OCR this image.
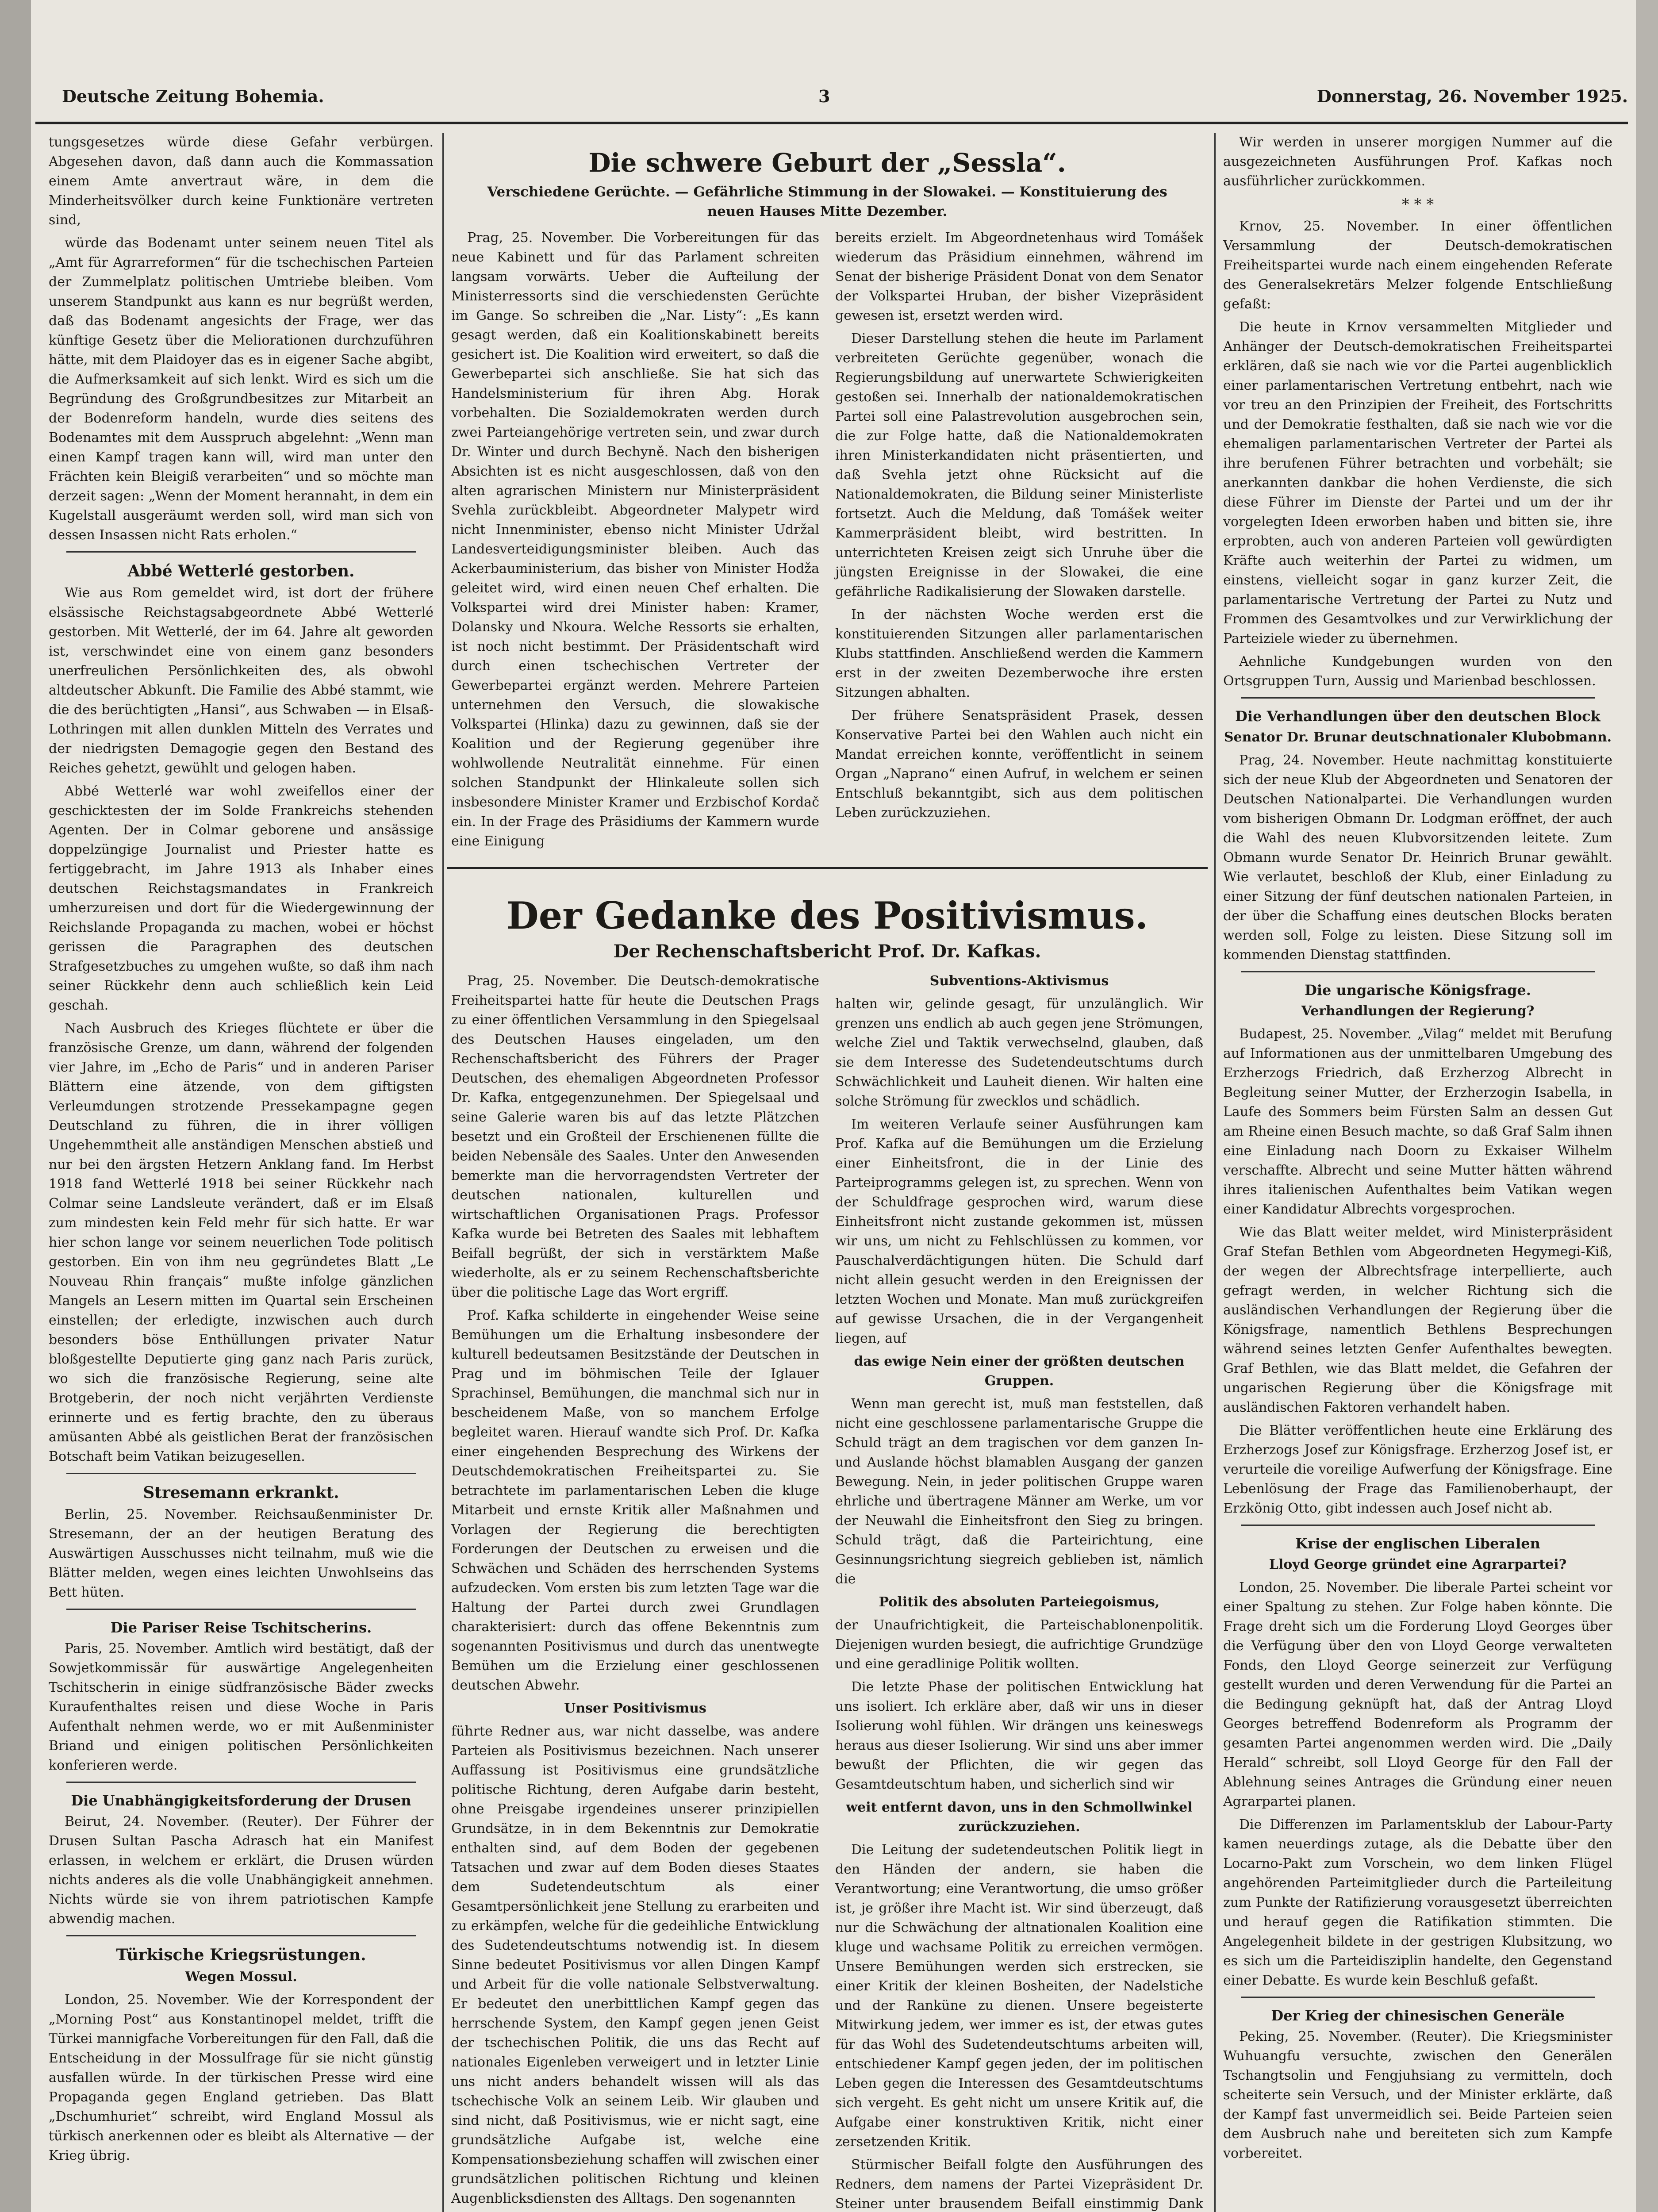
Deutsche Zeitung Bohemia.	3	Donnerstag, 26. November 1925.

tungsgesetzes würde diese Gefahr verbürgen. Abgesehen davon, daß dann auch die Kommassation einem Amte anvertraut wäre, in dem die Minderheitsvölker durch keine Funktionäre vertreten sind,

würde das Bodenamt unter seinem neuen Titel als „Amt für Agrarreformen“ für die tschechischen Parteien der Zummelplatz politischen Umtriebe bleiben. Vom unserem Standpunkt aus kann es nur begrüßt werden, daß das Bodenamt angesichts der Frage, wer das künftige Gesetz über die Meliorationen durchzuführen hätte, mit dem Plaidoyer das es in eigener Sache abgibt, die Aufmerksamkeit auf sich lenkt. Wird es sich um die Begründung des Großgrundbesitzes zur Mitarbeit an der Bodenreform handeln, wurde dies seitens des Bodenamtes mit dem Ausspruch abgelehnt: „Wenn man einen Kampf tragen kann will, wird man unter den Frächten kein Bleigiß verarbeiten“ und so möchte man derzeit sagen: „Wenn der Moment herannaht, in dem ein Kugelstall ausgeräumt werden soll, wird man sich von dessen Insassen nicht Rats erholen.“

Abbé Wetterlé gestorben.

Wie aus Rom gemeldet wird, ist dort der frühere elsässische Reichstagsabgeordnete Abbé Wetterlé gestorben. Mit Wetterlé, der im 64. Jahre alt geworden ist, verschwindet eine von einem ganz besonders unerfreulichen Persönlichkeiten des, als obwohl altdeutscher Abkunft. Die Familie des Abbé stammt, wie die des berüchtigten „Hansi“, aus Schwaben — in Elsaß-Lothringen mit allen dunklen Mitteln des Verrates und der niedrigsten Demagogie gegen den Bestand des Reiches gehetzt, gewühlt und gelogen haben.

Abbé Wetterlé war wohl zweifellos einer der geschicktesten der im Solde Frankreichs stehenden Agenten. Der in Colmar geborene und ansässige doppelzüngige Journalist und Priester hatte es fertiggebracht, im Jahre 1913 als Inhaber eines deutschen Reichstagsmandates in Frankreich umherzureisen und dort für die Wiedergewinnung der Reichslande Propaganda zu machen, wobei er höchst gerissen die Paragraphen des deutschen Strafgesetzbuches zu umgehen wußte, so daß ihm nach seiner Rückkehr denn auch schließlich kein Leid geschah.

Nach Ausbruch des Krieges flüchtete er über die französische Grenze, um dann, während der folgenden vier Jahre, im „Echo de Paris“ und in anderen Pariser Blättern eine ätzende, von dem giftigsten Verleumdungen strotzende Pressekampagne gegen Deutschland zu führen, die in ihrer völligen Ungehemmtheit alle anständigen Menschen abstieß und nur bei den ärgsten Hetzern Anklang fand. Im Herbst 1918 fand Wetterlé 1918 bei seiner Rückkehr nach Colmar seine Landsleute verändert, daß er im Elsaß zum mindesten kein Feld mehr für sich hatte. Er war hier schon lange vor seinem neuerlichen Tode politisch gestorben. Ein von ihm neu gegründetes Blatt „Le Nouveau Rhin français“ mußte infolge gänzlichen Mangels an Lesern mitten im Quartal sein Erscheinen einstellen; der erledigte, inzwischen auch durch besonders böse Enthüllungen privater Natur bloßgestellte Deputierte ging ganz nach Paris zurück, wo sich die französische Regierung, seine alte Brotgeberin, der noch nicht verjährten Verdienste erinnerte und es fertig brachte, den zu überaus amüsanten Abbé als geistlichen Berat der französischen Botschaft beim Vatikan beizugesellen.

Stresemann erkrankt.

Berlin, 25. November. Reichsaußenminister Dr. Stresemann, der an der heutigen Beratung des Auswärtigen Ausschusses nicht teilnahm, muß wie die Blätter melden, wegen eines leichten Unwohlseins das Bett hüten.

Die Pariser Reise Tschitscherins.

Paris, 25. November. Amtlich wird bestätigt, daß der Sowjetkommissär für auswärtige Angelegenheiten Tschitscherin in einige südfranzösische Bäder zwecks Kuraufenthaltes reisen und diese Woche in Paris Aufenthalt nehmen werde, wo er mit Außenminister Briand und einigen politischen Persönlichkeiten konferieren werde.

Die Unabhängigkeitsforderung der Drusen

Beirut, 24. November. (Reuter). Der Führer der Drusen Sultan Pascha Adrasch hat ein Manifest erlassen, in welchem er erklärt, die Drusen würden nichts anderes als die volle Unabhängigkeit annehmen. Nichts würde sie von ihrem patriotischen Kampfe abwendig machen.

Türkische Kriegsrüstungen.
Wegen Mossul.

London, 25. November. Wie der Korrespondent der „Morning Post“ aus Konstantinopel meldet, trifft die Türkei mannigfache Vorbereitungen für den Fall, daß die Entscheidung in der Mossulfrage für sie nicht günstig ausfallen würde. In der türkischen Presse wird eine Propaganda gegen England getrieben. Das Blatt „Dschumhuriet“ schreibt, wird England Mossul als türkisch anerkennen oder es bleibt als Alternative — der Krieg übrig.

Die schwere Geburt der „Sessla“.
Verschiedene Gerüchte. — Gefährliche Stimmung in der Slowakei. — Konstituierung des neuen Hauses Mitte Dezember.

Prag, 25. November. Die Vorbereitungen für das neue Kabinett und für das Parlament schreiten langsam vorwärts. Ueber die Aufteilung der Ministerressorts sind die verschiedensten Gerüchte im Gange. So schreiben die „Nar. Listy“: „Es kann gesagt werden, daß ein Koalitionskabinett bereits gesichert ist. Die Koalition wird erweitert, so daß die Gewerbepartei sich anschließe. Sie hat sich das Handelsministerium für ihren Abg. Horak vorbehalten. Die Sozialdemokraten werden durch zwei Parteiangehörige vertreten sein, und zwar durch Dr. Winter und durch Bechyně. Nach den bisherigen Absichten ist es nicht ausgeschlossen, daß von den alten agrarischen Ministern nur Ministerpräsident Svehla zurückbleibt. Abgeordneter Malypetr wird nicht Innenminister, ebenso nicht Minister Udržal Landesverteidigungsminister bleiben. Auch das Ackerbauministerium, das bisher von Minister Hodža geleitet wird, wird einen neuen Chef erhalten. Die Volkspartei wird drei Minister haben: Kramer, Dolansky und Nkoura. Welche Ressorts sie erhalten, ist noch nicht bestimmt. Der Präsidentschaft wird durch einen tschechischen Vertreter der Gewerbepartei ergänzt werden. Mehrere Parteien unternehmen den Versuch, die slowakische Volkspartei (Hlinka) dazu zu gewinnen, daß sie der Koalition und der Regierung gegenüber ihre wohlwollende Neutralität einnehme. Für einen solchen Standpunkt der Hlinkaleute sollen sich insbesondere Minister Kramer und Erzbischof Kordač ein. In der Frage des Präsidiums der Kammern wurde eine Einigung

bereits erzielt. Im Abgeordnetenhaus wird Tomášek wiederum das Präsidium einnehmen, während im Senat der bisherige Präsident Donat von dem Senator der Volkspartei Hruban, der bisher Vizepräsident gewesen ist, ersetzt werden wird.

Dieser Darstellung stehen die heute im Parlament verbreiteten Gerüchte gegenüber, wonach die Regierungsbildung auf unerwartete Schwierigkeiten gestoßen sei. Innerhalb der nationaldemokratischen Partei soll eine Palastrevolution ausgebrochen sein, die zur Folge hatte, daß die Nationaldemokraten ihren Ministerkandidaten nicht präsentierten, und daß Svehla jetzt ohne Rücksicht auf die Nationaldemokraten, die Bildung seiner Ministerliste fortsetzt. Auch die Meldung, daß Tomášek weiter Kammerpräsident bleibt, wird bestritten. In unterrichteten Kreisen zeigt sich Unruhe über die jüngsten Ereignisse in der Slowakei, die eine gefährliche Radikalisierung der Slowaken darstelle.

In der nächsten Woche werden erst die konstituierenden Sitzungen aller parlamentarischen Klubs stattfinden. Anschließend werden die Kammern erst in der zweiten Dezemberwoche ihre ersten Sitzungen abhalten.

Der frühere Senatspräsident Prasek, dessen Konservative Partei bei den Wahlen auch nicht ein Mandat erreichen konnte, veröffentlicht in seinem Organ „Naprano“ einen Aufruf, in welchem er seinen Entschluß bekanntgibt, sich aus dem politischen Leben zurückzuziehen.

Der Gedanke des Positivismus.
Der Rechenschaftsbericht Prof. Dr. Kafkas.

Prag, 25. November. Die Deutsch-demokratische Freiheitspartei hatte für heute die Deutschen Prags zu einer öffentlichen Versammlung in den Spiegelsaal des Deutschen Hauses eingeladen, um den Rechenschaftsbericht des Führers der Prager Deutschen, des ehemaligen Abgeordneten Professor Dr. Kafka, entgegenzunehmen. Der Spiegelsaal und seine Galerie waren bis auf das letzte Plätzchen besetzt und ein Großteil der Erschienenen füllte die beiden Nebensäle des Saales. Unter den Anwesenden bemerkte man die hervorragendsten Vertreter der deutschen nationalen, kulturellen und wirtschaftlichen Organisationen Prags. Professor Kafka wurde bei Betreten des Saales mit lebhaftem Beifall begrüßt, der sich in verstärktem Maße wiederholte, als er zu seinem Rechenschaftsberichte über die politische Lage das Wort ergriff.

Prof. Kafka schilderte in eingehender Weise seine Bemühungen um die Erhaltung insbesondere der kulturell bedeutsamen Besitzstände der Deutschen in Prag und im böhmischen Teile der Iglauer Sprachinsel, Bemühungen, die manchmal sich nur in bescheidenem Maße, von so manchem Erfolge begleitet waren. Hierauf wandte sich Prof. Dr. Kafka einer eingehenden Besprechung des Wirkens der Deutschdemokratischen Freiheitspartei zu. Sie betrachtete im parlamentarischen Leben die kluge Mitarbeit und ernste Kritik aller Maßnahmen und Vorlagen der Regierung die berechtigten Forderungen der Deutschen zu erweisen und die Schwächen und Schäden des herrschenden Systems aufzudecken. Vom ersten bis zum letzten Tage war die Haltung der Partei durch zwei Grundlagen charakterisiert: durch das offene Bekenntnis zum sogenannten Positivismus und durch das unentwegte Bemühen um die Erzielung einer geschlossenen deutschen Abwehr.

Unser Positivismus

führte Redner aus, war nicht dasselbe, was andere Parteien als Positivismus bezeichnen. Nach unserer Auffassung ist Positivismus eine grundsätzliche politische Richtung, deren Aufgabe darin besteht, ohne Preisgabe irgendeines unserer prinzipiellen Grundsätze, in in dem Bekenntnis zur Demokratie enthalten sind, auf dem Boden der gegebenen Tatsachen und zwar auf dem Boden dieses Staates dem Sudetendeutschtum als einer Gesamtpersönlichkeit jene Stellung zu erarbeiten und zu erkämpfen, welche für die gedeihliche Entwicklung des Sudetendeutschtums notwendig ist. In diesem Sinne bedeutet Positivismus vor allen Dingen Kampf und Arbeit für die volle nationale Selbstverwaltung. Er bedeutet den unerbittlichen Kampf gegen das herrschende System, den Kampf gegen jenen Geist der tschechischen Politik, die uns das Recht auf nationales Eigenleben verweigert und in letzter Linie uns nicht anders behandelt wissen will als das tschechische Volk an seinem Leib. Wir glauben und sind nicht, daß Positivismus, wie er nicht sagt, eine grundsätzliche Aufgabe ist, welche eine Kompensationsbeziehung schaffen will zwischen einer grundsätzlichen politischen Richtung und kleinen Augenblicksdiensten des Alltags. Den sogenannten

Subventions-Aktivismus

halten wir, gelinde gesagt, für unzulänglich. Wir grenzen uns endlich ab auch gegen jene Strömungen, welche Ziel und Taktik verwechselnd, glauben, daß sie dem Interesse des Sudetendeutschtums durch Schwächlichkeit und Lauheit dienen. Wir halten eine solche Strömung für zwecklos und schädlich.

Im weiteren Verlaufe seiner Ausführungen kam Prof. Kafka auf die Bemühungen um die Erzielung einer Einheitsfront, die in der Linie des Parteiprogramms gelegen ist, zu sprechen. Wenn von der Schuldfrage gesprochen wird, warum diese Einheitsfront nicht zustande gekommen ist, müssen wir uns, um nicht zu Fehlschlüssen zu kommen, vor Pauschalverdächtigungen hüten. Die Schuld darf nicht allein gesucht werden in den Ereignissen der letzten Wochen und Monate. Man muß zurückgreifen auf gewisse Ursachen, die in der Vergangenheit liegen, auf

das ewige Nein einer der größten deutschen Gruppen.

Wenn man gerecht ist, muß man feststellen, daß nicht eine geschlossene parlamentarische Gruppe die Schuld trägt an dem tragischen vor dem ganzen In- und Auslande höchst blamablen Ausgang der ganzen Bewegung. Nein, in jeder politischen Gruppe waren ehrliche und übertragene Männer am Werke, um vor der Neuwahl die Einheitsfront den Sieg zu bringen. Schuld trägt, daß die Parteirichtung, eine Gesinnungsrichtung siegreich geblieben ist, nämlich die

Politik des absoluten Parteiegoismus,

der Unaufrichtigkeit, die Parteischablonenpolitik. Diejenigen wurden besiegt, die aufrichtige Grundzüge und eine geradlinige Politik wollten.

Die letzte Phase der politischen Entwicklung hat uns isoliert. Ich erkläre aber, daß wir uns in dieser Isolierung wohl fühlen. Wir drängen uns keineswegs heraus aus dieser Isolierung. Wir sind uns aber immer bewußt der Pflichten, die wir gegen das Gesamtdeutschtum haben, und sicherlich sind wir

weit entfernt davon, uns in den Schmollwinkel zurückzuziehen.

Die Leitung der sudetendeutschen Politik liegt in den Händen der andern, sie haben die Verantwortung; eine Verantwortung, die umso größer ist, je größer ihre Macht ist. Wir sind überzeugt, daß nur die Schwächung der altnationalen Koalition eine kluge und wachsame Politik zu erreichen vermögen. Unsere Bemühungen werden sich erstrecken, sie einer Kritik der kleinen Bosheiten, der Nadelstiche und der Ranküne zu dienen. Unsere begeisterte Mitwirkung jedem, wer immer es ist, der etwas gutes für das Wohl des Sudetendeutschtums arbeiten will, entschiedener Kampf gegen jeden, der im politischen Leben gegen die Interessen des Gesamtdeutschtums sich vergeht. Es geht nicht um unsere Kritik auf, die Aufgabe einer konstruktiven Kritik, nicht einer zersetzenden Kritik.

Stürmischer Beifall folgte den Ausführungen des Redners, dem namens der Partei Vizepräsident Dr. Steiner unter brausendem Beifall einstimmig Dank

Wir werden in unserer morgigen Nummer auf die ausgezeichneten Ausführungen Prof. Kafkas noch ausführlicher zurückkommen.

* * *

Krnov, 25. November. In einer öffentlichen Versammlung der Deutsch-demokratischen Freiheitspartei wurde nach einem eingehenden Referate des Generalsekretärs Melzer folgende Entschließung gefaßt:

Die heute in Krnov versammelten Mitglieder und Anhänger der Deutsch-demokratischen Freiheitspartei erklären, daß sie nach wie vor die Partei augenblicklich einer parlamentarischen Vertretung entbehrt, nach wie vor treu an den Prinzipien der Freiheit, des Fortschritts und der Demokratie festhalten, daß sie nach wie vor die ehemaligen parlamentarischen Vertreter der Partei als ihre berufenen Führer betrachten und vorbehält; sie anerkannten dankbar die hohen Verdienste, die sich diese Führer im Dienste der Partei und um der ihr vorgelegten Ideen erworben haben und bitten sie, ihre erprobten, auch von anderen Parteien voll gewürdigten Kräfte auch weiterhin der Partei zu widmen, um einstens, vielleicht sogar in ganz kurzer Zeit, die parlamentarische Vertretung der Partei zu Nutz und Frommen des Gesamtvolkes und zur Verwirklichung der Parteiziele wieder zu übernehmen.

Aehnliche Kundgebungen wurden von den Ortsgruppen Turn, Aussig und Marienbad beschlossen.

Die Verhandlungen über den deutschen Block
Senator Dr. Brunar deutschnationaler Klubobmann.

Prag, 24. November. Heute nachmittag konstituierte sich der neue Klub der Abgeordneten und Senatoren der Deutschen Nationalpartei. Die Verhandlungen wurden vom bisherigen Obmann Dr. Lodgman eröffnet, der auch die Wahl des neuen Klubvorsitzenden leitete. Zum Obmann wurde Senator Dr. Heinrich Brunar gewählt. Wie verlautet, beschloß der Klub, einer Einladung zu einer Sitzung der fünf deutschen nationalen Parteien, in der über die Schaffung eines deutschen Blocks beraten werden soll, Folge zu leisten. Diese Sitzung soll im kommenden Dienstag stattfinden.

Die ungarische Königsfrage.
Verhandlungen der Regierung?

Budapest, 25. November. „Vilag“ meldet mit Berufung auf Informationen aus der unmittelbaren Umgebung des Erzherzogs Friedrich, daß Erzherzog Albrecht in Begleitung seiner Mutter, der Erzherzogin Isabella, in Laufe des Sommers beim Fürsten Salm an dessen Gut am Rheine einen Besuch machte, so daß Graf Salm ihnen eine Einladung nach Doorn zu Exkaiser Wilhelm verschaffte. Albrecht und seine Mutter hätten während ihres italienischen Aufenthaltes beim Vatikan wegen einer Kandidatur Albrechts vorgesprochen.

Wie das Blatt weiter meldet, wird Ministerpräsident Graf Stefan Bethlen vom Abgeordneten Hegymegi-Kiß, der wegen der Albrechtsfrage interpellierte, auch gefragt werden, in welcher Richtung sich die ausländischen Verhandlungen der Regierung über die Königsfrage, namentlich Bethlens Besprechungen während seines letzten Genfer Aufenthaltes bewegten. Graf Bethlen, wie das Blatt meldet, die Gefahren der ungarischen Regierung über die Königsfrage mit ausländischen Faktoren verhandelt haben.

Die Blätter veröffentlichen heute eine Erklärung des Erzherzogs Josef zur Königsfrage. Erzherzog Josef ist, er verurteile die voreilige Aufwerfung der Königsfrage. Eine Lebenlösung der Frage das Familienoberhaupt, der Erzkönig Otto, gibt indessen auch Josef nicht ab.

Krise der englischen Liberalen
Lloyd George gründet eine Agrarpartei?

London, 25. November. Die liberale Partei scheint vor einer Spaltung zu stehen. Zur Folge haben könnte. Die Frage dreht sich um die Forderung Lloyd Georges über die Verfügung über den von Lloyd George verwalteten Fonds, den Lloyd George seinerzeit zur Verfügung gestellt wurden und deren Verwendung für die Partei an die Bedingung geknüpft hat, daß der Antrag Lloyd Georges betreffend Bodenreform als Programm der gesamten Partei angenommen werden wird. Die „Daily Herald“ schreibt, soll Lloyd George für den Fall der Ablehnung seines Antrages die Gründung einer neuen Agrarpartei planen.

Die Differenzen im Parlamentsklub der Labour-Party kamen neuerdings zutage, als die Debatte über den Locarno-Pakt zum Vorschein, wo dem linken Flügel angehörenden Parteimitglieder durch die Parteileitung zum Punkte der Ratifizierung vorausgesetzt überreichten und herauf gegen die Ratifikation stimmten. Die Angelegenheit bildete in der gestrigen Klubsitzung, wo es sich um die Parteidisziplin handelte, den Gegenstand einer Debatte. Es wurde kein Beschluß gefaßt.

Der Krieg der chinesischen Generäle

Peking, 25. November. (Reuter). Die Kriegsminister Wuhuangfu versuchte, zwischen den Generälen Tschangtsolin und Fengjuhsiang zu vermitteln, doch scheiterte sein Versuch, und der Minister erklärte, daß der Kampf fast unvermeidlich sei. Beide Parteien seien dem Ausbruch nahe und bereiteten sich zum Kampfe vorbereitet.
